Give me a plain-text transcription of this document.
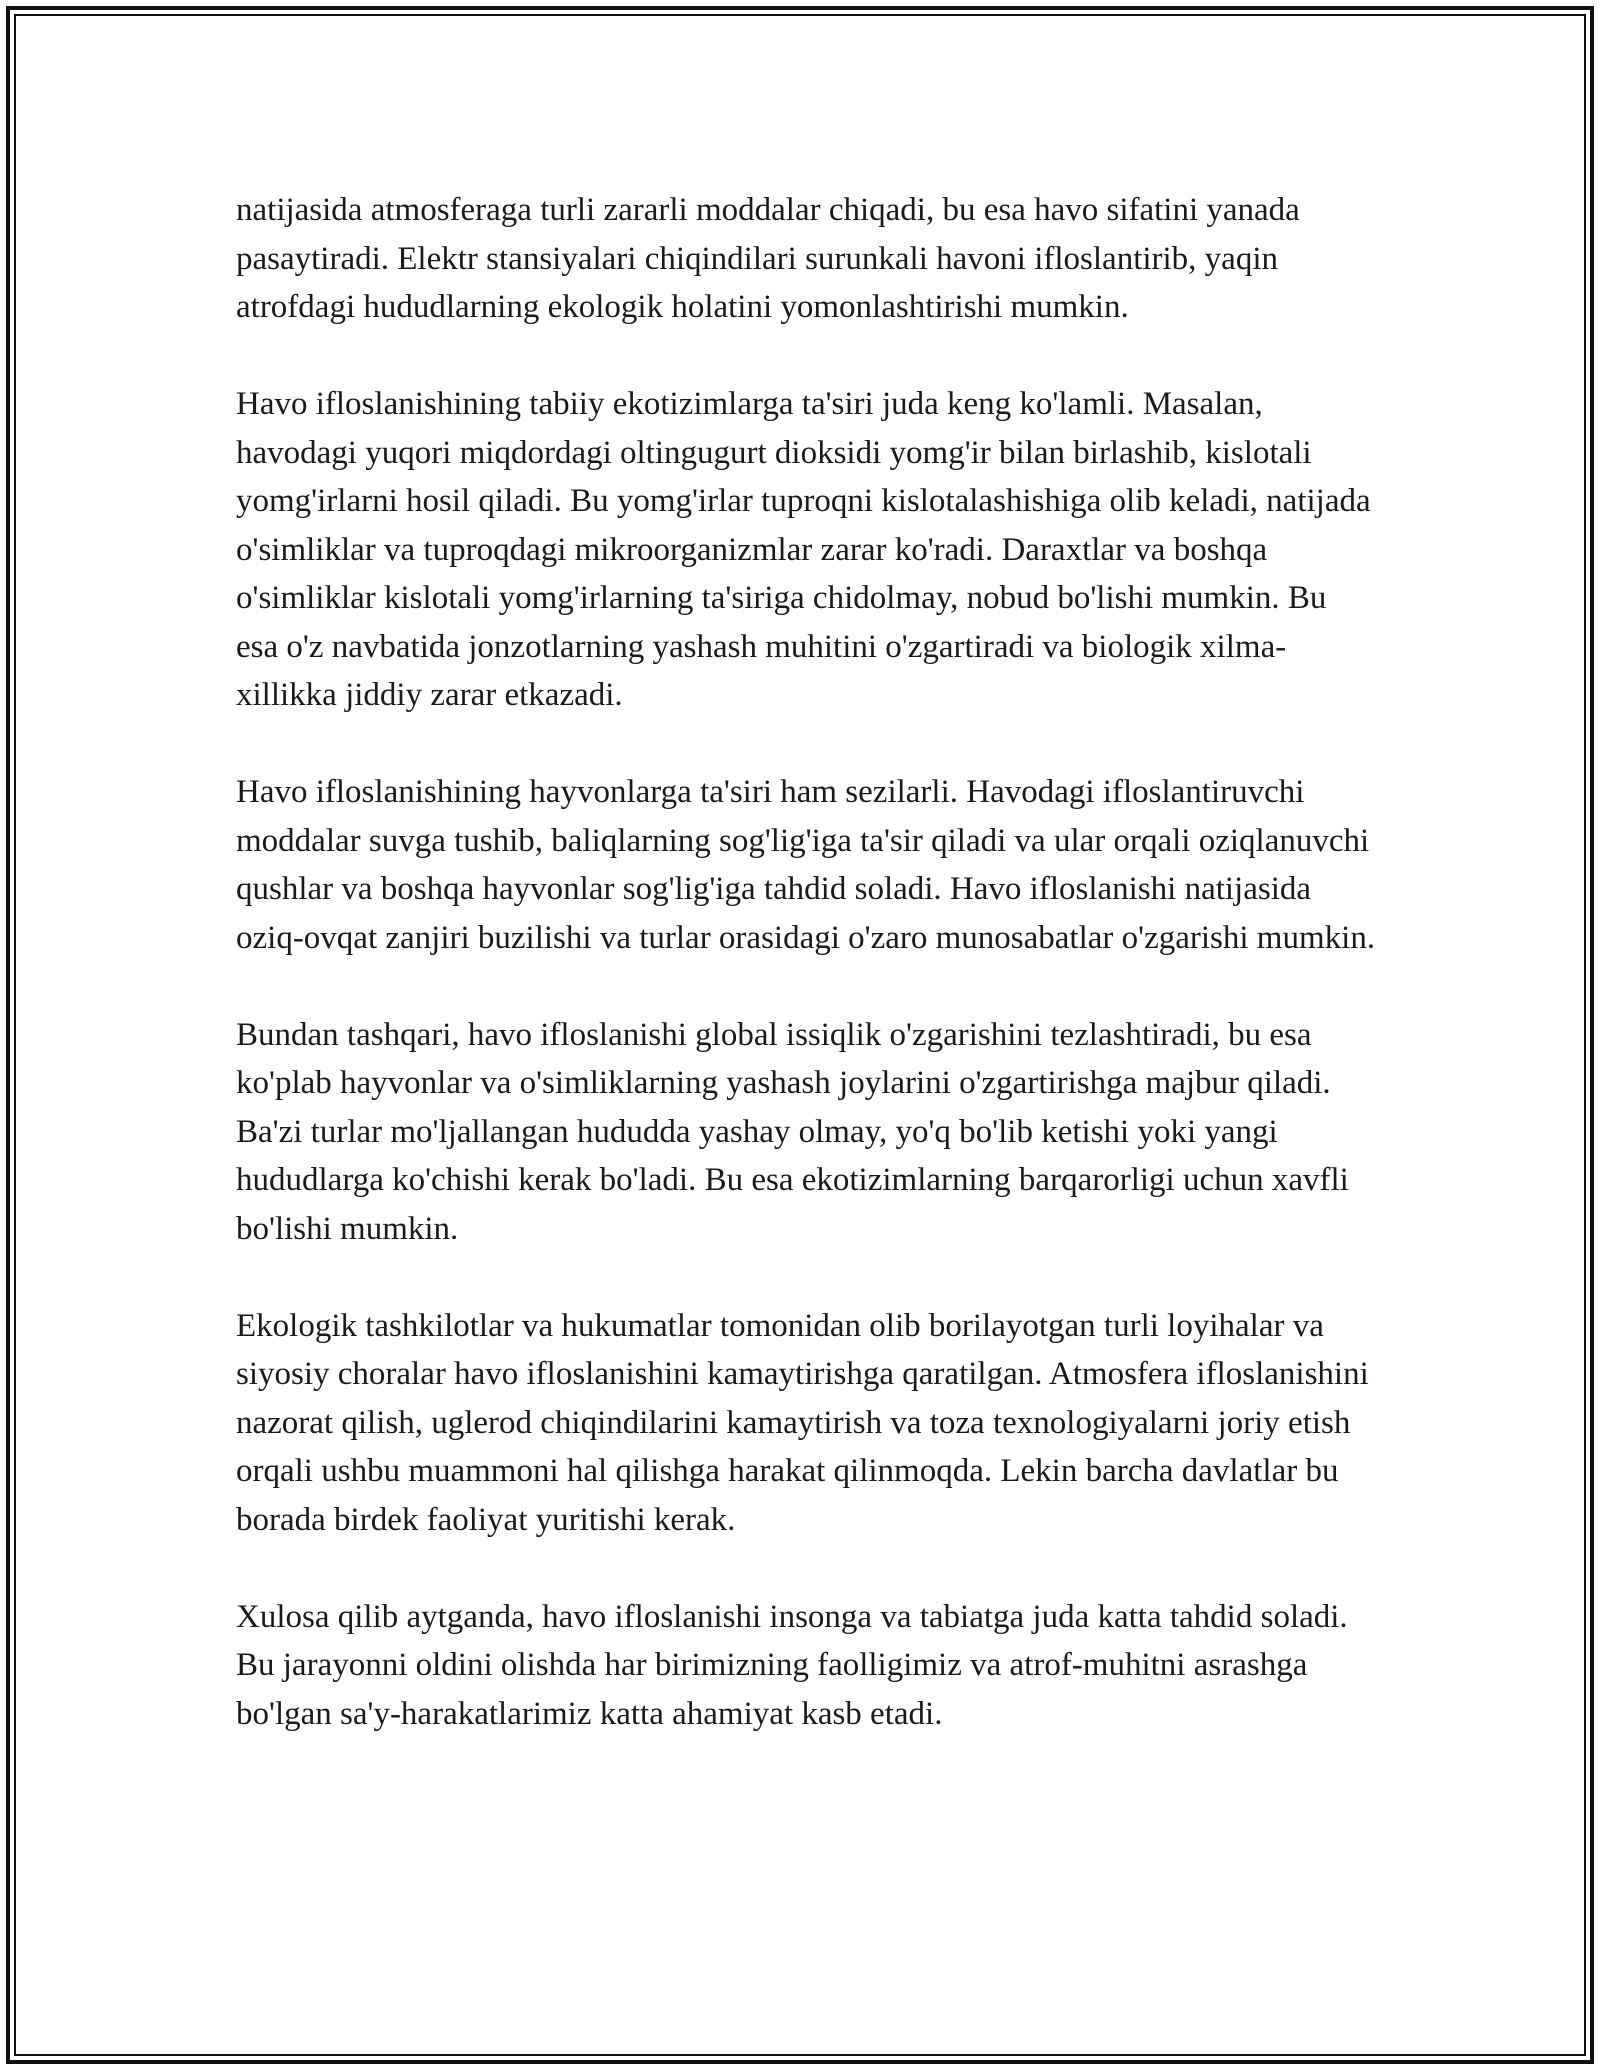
natijasida atmosferaga turli zararli moddalar chiqadi, bu esa havo sifatini yanada pasaytiradi. Elektr stansiyalari chiqindilari surunkali havoni ifloslantirib, yaqin atrofdagi hududlarning ekologik holatini yomonlashtirishi mumkin.

Havo ifloslanishining tabiiy ekotizimlarga ta'siri juda keng ko'lamli. Masalan, havodagi yuqori miqdordagi oltingugurt dioksidi yomg'ir bilan birlashib, kislotali yomg'irlarni hosil qiladi. Bu yomg'irlar tuproqni kislotalashishiga olib keladi, natijada o'simliklar va tuproqdagi mikroorganizmlar zarar ko'radi. Daraxtlar va boshqa o'simliklar kislotali yomg'irlarning ta'siriga chidolmay, nobud bo'lishi mumkin. Bu esa o'z navbatida jonzotlarning yashash muhitini o'zgartiradi va biologik xilma-xillikka jiddiy zarar etkazadi.

Havo ifloslanishining hayvonlarga ta'siri ham sezilarli. Havodagi ifloslantiruvchi moddalar suvga tushib, baliqlarning sog'lig'iga ta'sir qiladi va ular orqali oziqlanuvchi qushlar va boshqa hayvonlar sog'lig'iga tahdid soladi. Havo ifloslanishi natijasida oziq-ovqat zanjiri buzilishi va turlar orasidagi o'zaro munosabatlar o'zgarishi mumkin.

Bundan tashqari, havo ifloslanishi global issiqlik o'zgarishini tezlashtiradi, bu esa ko'plab hayvonlar va o'simliklarning yashash joylarini o'zgartirishga majbur qiladi. Ba'zi turlar mo'ljallangan hududda yashay olmay, yo'q bo'lib ketishi yoki yangi hududlarga ko'chishi kerak bo'ladi. Bu esa ekotizimlarning barqarorligi uchun xavfli bo'lishi mumkin.

Ekologik tashkilotlar va hukumatlar tomonidan olib borilayotgan turli loyihalar va siyosiy choralar havo ifloslanishini kamaytirishga qaratilgan. Atmosfera ifloslanishini nazorat qilish, uglerod chiqindilarini kamaytirish va toza texnologiyalarni joriy etish orqali ushbu muammoni hal qilishga harakat qilinmoqda. Lekin barcha davlatlar bu borada birdek faoliyat yuritishi kerak.

Xulosa qilib aytganda, havo ifloslanishi insonga va tabiatga juda katta tahdid soladi. Bu jarayonni oldini olishda har birimizning faolligimiz va atrof-muhitni asrashga bo'lgan sa'y-harakatlarimiz katta ahamiyat kasb etadi.
